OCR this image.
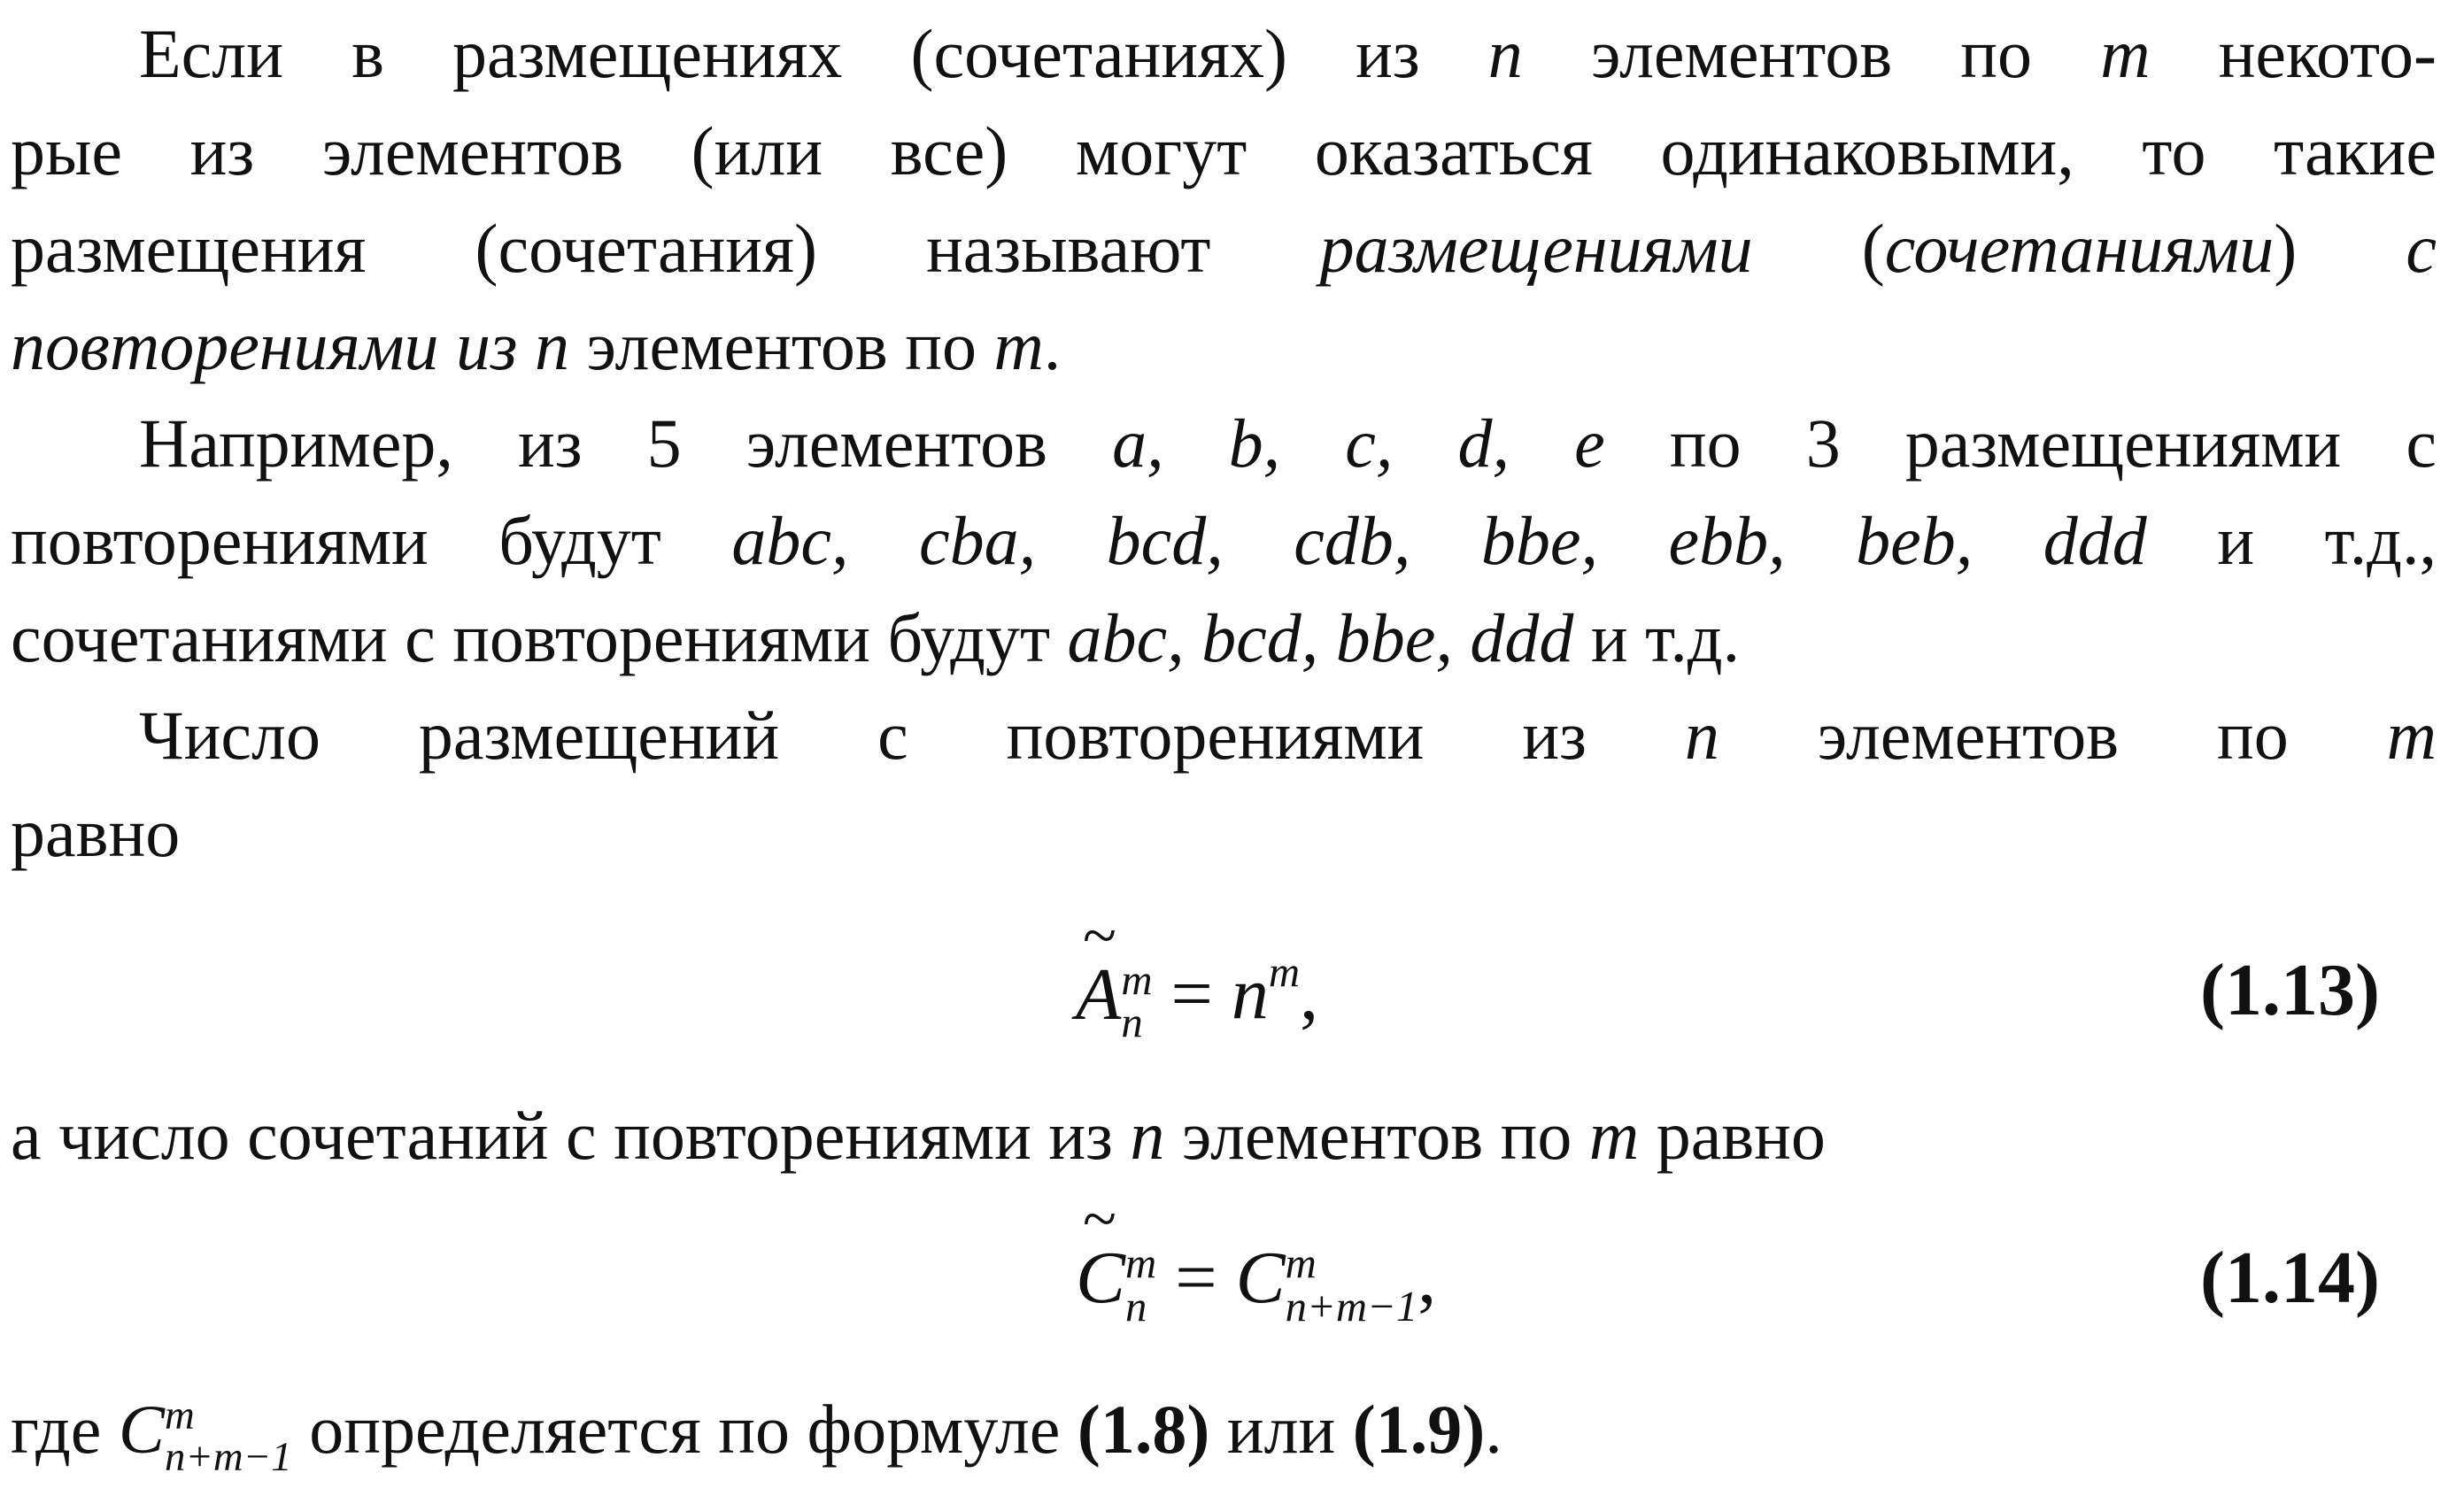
Если в размещениях (сочетаниях) из n элементов по m некото-
рые из элементов (или все) могут оказаться одинаковыми, то такие
размещения (сочетания) называют размещениями (сочетаниями) с
повторениями из n элементов по m.
Например, из 5 элементов a, b, c, d, e по 3 размещениями с
повторениями будут abc, cba, bcd, cdb, bbe, ebb, beb, ddd и т.д.,
сочетаниями с повторениями будут abc, bcd, bbe, ddd и т.д.
Число размещений с повторениями из n элементов по m
равно
~
A m
$n = n^m$,	(1.13)
а число сочетаний с повторениями из n элементов по m равно
~
C m
n = C m
n+m−1 ,	(1.14)
где C m
n+m−1 определяется по формуле (1.8) или (1.9).
